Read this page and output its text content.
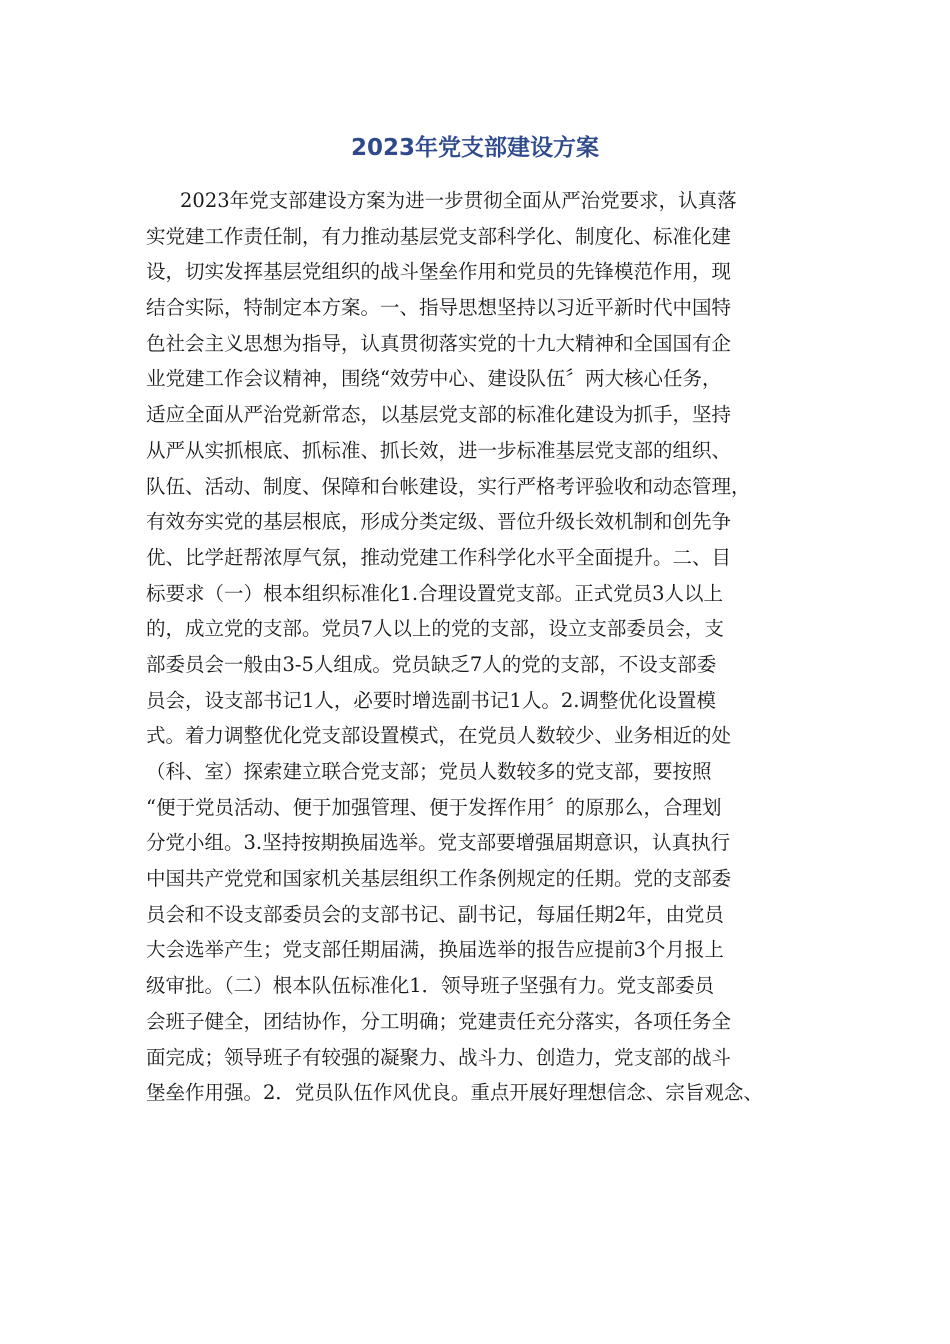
2023年党支部建设方案
2023年党支部建设方案为进一步贯彻全面从严治党要求，认真落
实党建工作责任制，有力推动基层党支部科学化、制度化、标准化建
设，切实发挥基层党组织的战斗堡垒作用和党员的先锋模范作用，现
结合实际，特制定本方案。一、指导思想坚持以习近平新时代中国特
色社会主义思想为指导，认真贯彻落实党的十九大精神和全国国有企
业党建工作会议精神，围绕“效劳中心、建设队伍〞两大核心任务，
适应全面从严治党新常态，以基层党支部的标准化建设为抓手，坚持
从严从实抓根底、抓标准、抓长效，进一步标准基层党支部的组织、
队伍、活动、制度、保障和台帐建设，实行严格考评验收和动态管理，
有效夯实党的基层根底，形成分类定级、晋位升级长效机制和创先争
优、比学赶帮浓厚气氛，推动党建工作科学化水平全面提升。二、目
标要求（一）根本组织标准化1.合理设置党支部。正式党员3人以上
的，成立党的支部。党员7人以上的党的支部，设立支部委员会，支
部委员会一般由3-5人组成。党员缺乏7人的党的支部，不设支部委
员会，设支部书记1人，必要时增选副书记1人。2.调整优化设置模
式。着力调整优化党支部设置模式，在党员人数较少、业务相近的处
（科、室）探索建立联合党支部；党员人数较多的党支部，要按照
“便于党员活动、便于加强管理、便于发挥作用〞的原那么，合理划
分党小组。3.坚持按期换届选举。党支部要增强届期意识，认真执行
中国共产党党和国家机关基层组织工作条例规定的任期。党的支部委
员会和不设支部委员会的支部书记、副书记，每届任期2年，由党员
大会选举产生；党支部任期届满，换届选举的报告应提前3个月报上
级审批。（二）根本队伍标准化1．领导班子坚强有力。党支部委员
会班子健全，团结协作，分工明确；党建责任充分落实，各项任务全
面完成；领导班子有较强的凝聚力、战斗力、创造力，党支部的战斗
堡垒作用强。2．党员队伍作风优良。重点开展好理想信念、宗旨观念、
